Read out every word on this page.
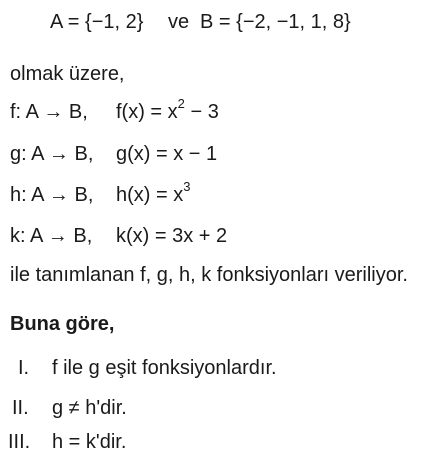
A = {−1, 2} ve B = {−2, −1, 1, 8}
olmak üzere,
f: A → B, $f(x) = x^2 - 3$
g: A → B, g(x) = x − 1
h: A → B, $h(x) = x^3$
k: A → B, k(x) = 3x + 2
ile tanımlanan f, g, h, k fonksiyonları veriliyor.
Buna göre,
I. f ile g eşit fonksiyonlardır.
II. g ≠ h'dir.
III. h = k'dir.
